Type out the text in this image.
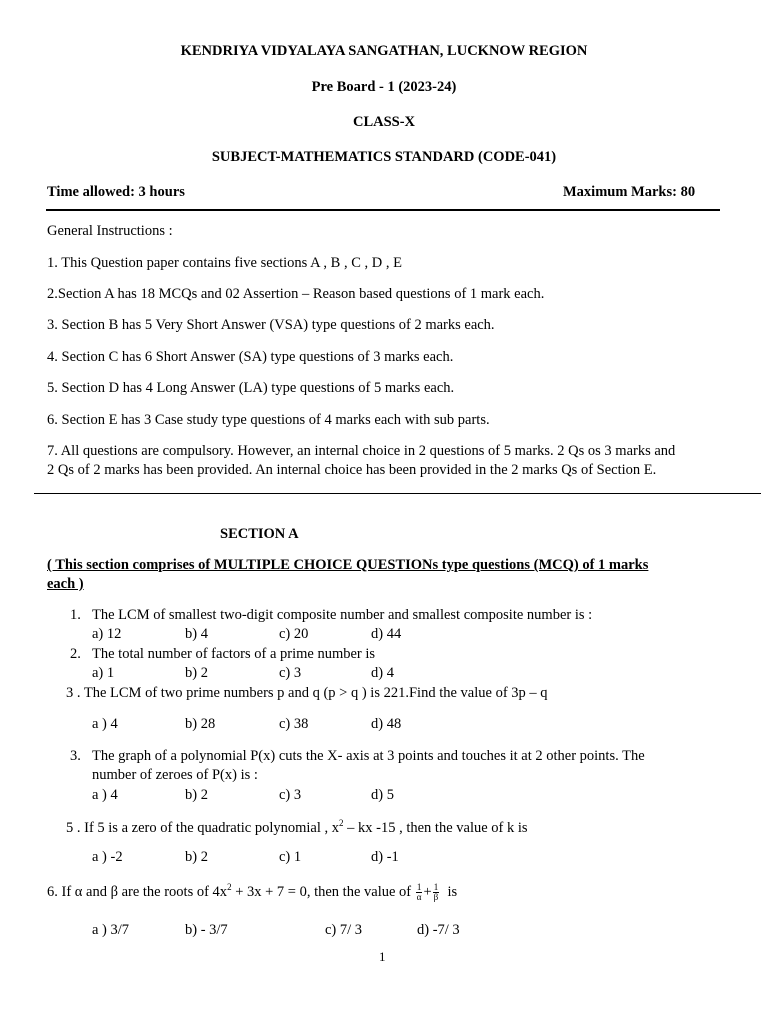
KENDRIYA VIDYALAYA SANGATHAN, LUCKNOW REGION
Pre Board - 1 (2023-24)
CLASS-X
SUBJECT-MATHEMATICS STANDARD (CODE-041)
Time allowed: 3 hours	Maximum Marks: 80
General Instructions :
1. This Question paper contains five sections A , B , C , D , E
2.Section A has 18 MCQs and 02 Assertion – Reason based questions of 1 mark each.
3. Section B has 5 Very Short Answer (VSA) type questions of 2 marks each.
4. Section C has 6 Short Answer (SA) type questions of 3 marks each.
5. Section D has 4 Long Answer (LA) type questions of 5 marks each.
6. Section E has 3 Case study type questions of 4 marks each with sub parts.
7. All questions are compulsory. However, an internal choice in 2 questions of 5 marks. 2 Qs os 3 marks and
2 Qs of 2 marks has been provided. An internal choice has been provided in the 2 marks Qs of Section E.
SECTION A
( This section comprises of MULTIPLE CHOICE QUESTIONs type questions (MCQ) of 1 marks
each )
1. The LCM of smallest two-digit composite number and smallest composite number is :
a) 12	b) 4	c) 20	d) 44
2. The total number of factors of a prime number is
a) 1	b) 2	c) 3	d) 4
3 . The LCM of two prime numbers p and q (p > q ) is 221.Find the value of 3p – q
a ) 4	b) 28	c) 38	d) 48
3. The graph of a polynomial P(x) cuts the X- axis at 3 points and touches it at 2 other points. The
number of zeroes of P(x) is :
a ) 4	b) 2	c) 3	d) 5
5 . If 5 is a zero of the quadratic polynomial , $x^2$ – kx -15 , then the value of k is
a ) -2	b) 2	c) 1	d) -1
6. If α and β are the roots of $4x^2 + 3x + 7 = 0$, then the value of $\frac{1}{\alpha} + \frac{1}{\beta}$ is
a ) 3/7	b) - 3/7	c) 7/ 3	d) -7/ 3
1
